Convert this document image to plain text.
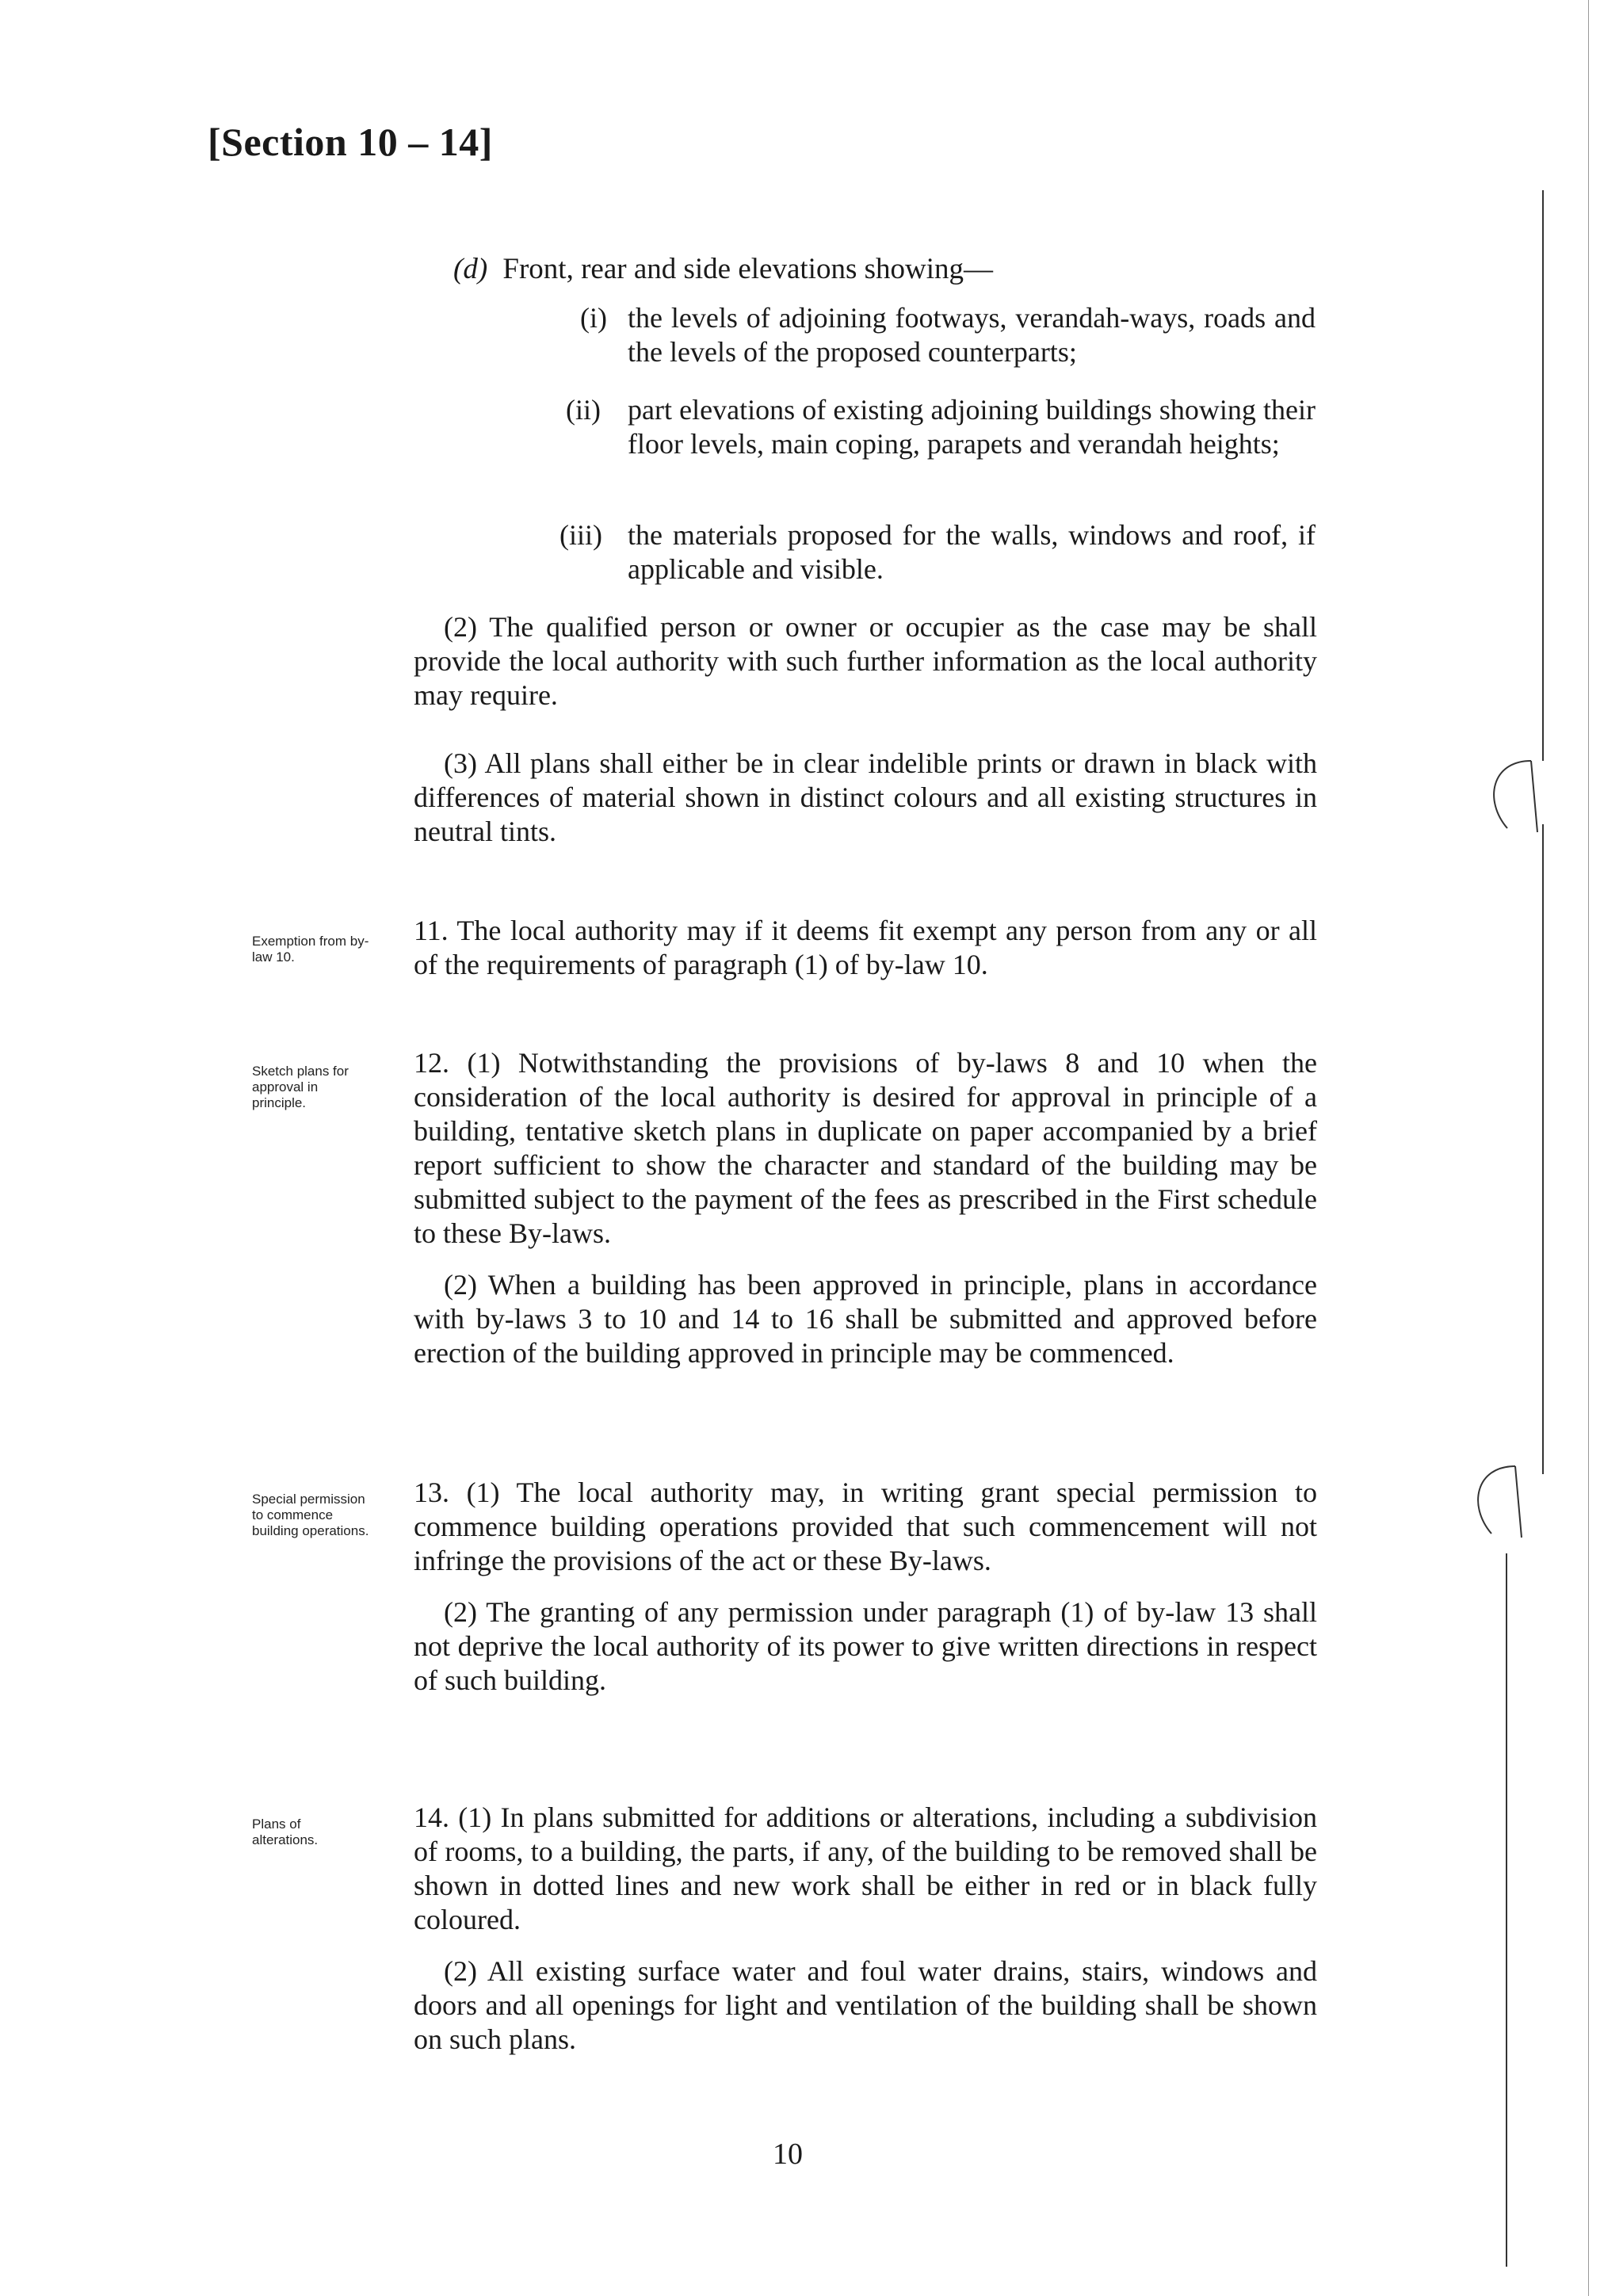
[Section 10 – 14]
(d) Front, rear and side elevations showing—
(i) the levels of adjoining footways, verandah-ways, roads and the levels of the proposed counterparts;
(ii) part elevations of existing adjoining buildings showing their floor levels, main coping, parapets and verandah heights;
(iii) the materials proposed for the walls, windows and roof, if applicable and visible.

(2) The qualified person or owner or occupier as the case may be shall provide the local authority with such further information as the local authority may require.

(3) All plans shall either be in clear indelible prints or drawn in black with differences of material shown in distinct colours and all existing structures in neutral tints.

Exemption from by-law 10.

11. The local authority may if it deems fit exempt any person from any or all of the requirements of paragraph (1) of by-law 10.

Sketch plans for approval in principle.

12. (1) Notwithstanding the provisions of by-laws 8 and 10 when the consideration of the local authority is desired for approval in principle of a building, tentative sketch plans in duplicate on paper accompanied by a brief report sufficient to show the character and standard of the building may be submitted subject to the payment of the fees as prescribed in the First schedule to these By-laws.

(2) When a building has been approved in principle, plans in accordance with by-laws 3 to 10 and 14 to 16 shall be submitted and approved before erection of the building approved in principle may be commenced.

Special permission to commence building operations.

13. (1) The local authority may, in writing grant special permission to commence building operations provided that such commencement will not infringe the provisions of the act or these By-laws.

(2) The granting of any permission under paragraph (1) of by-law 13 shall not deprive the local authority of its power to give written directions in respect of such building.

Plans of alterations.

14. (1) In plans submitted for additions or alterations, including a subdivision of rooms, to a building, the parts, if any, of the building to be removed shall be shown in dotted lines and new work shall be either in red or in black fully coloured.

(2) All existing surface water and foul water drains, stairs, windows and doors and all openings for light and ventilation of the building shall be shown on such plans.

10
